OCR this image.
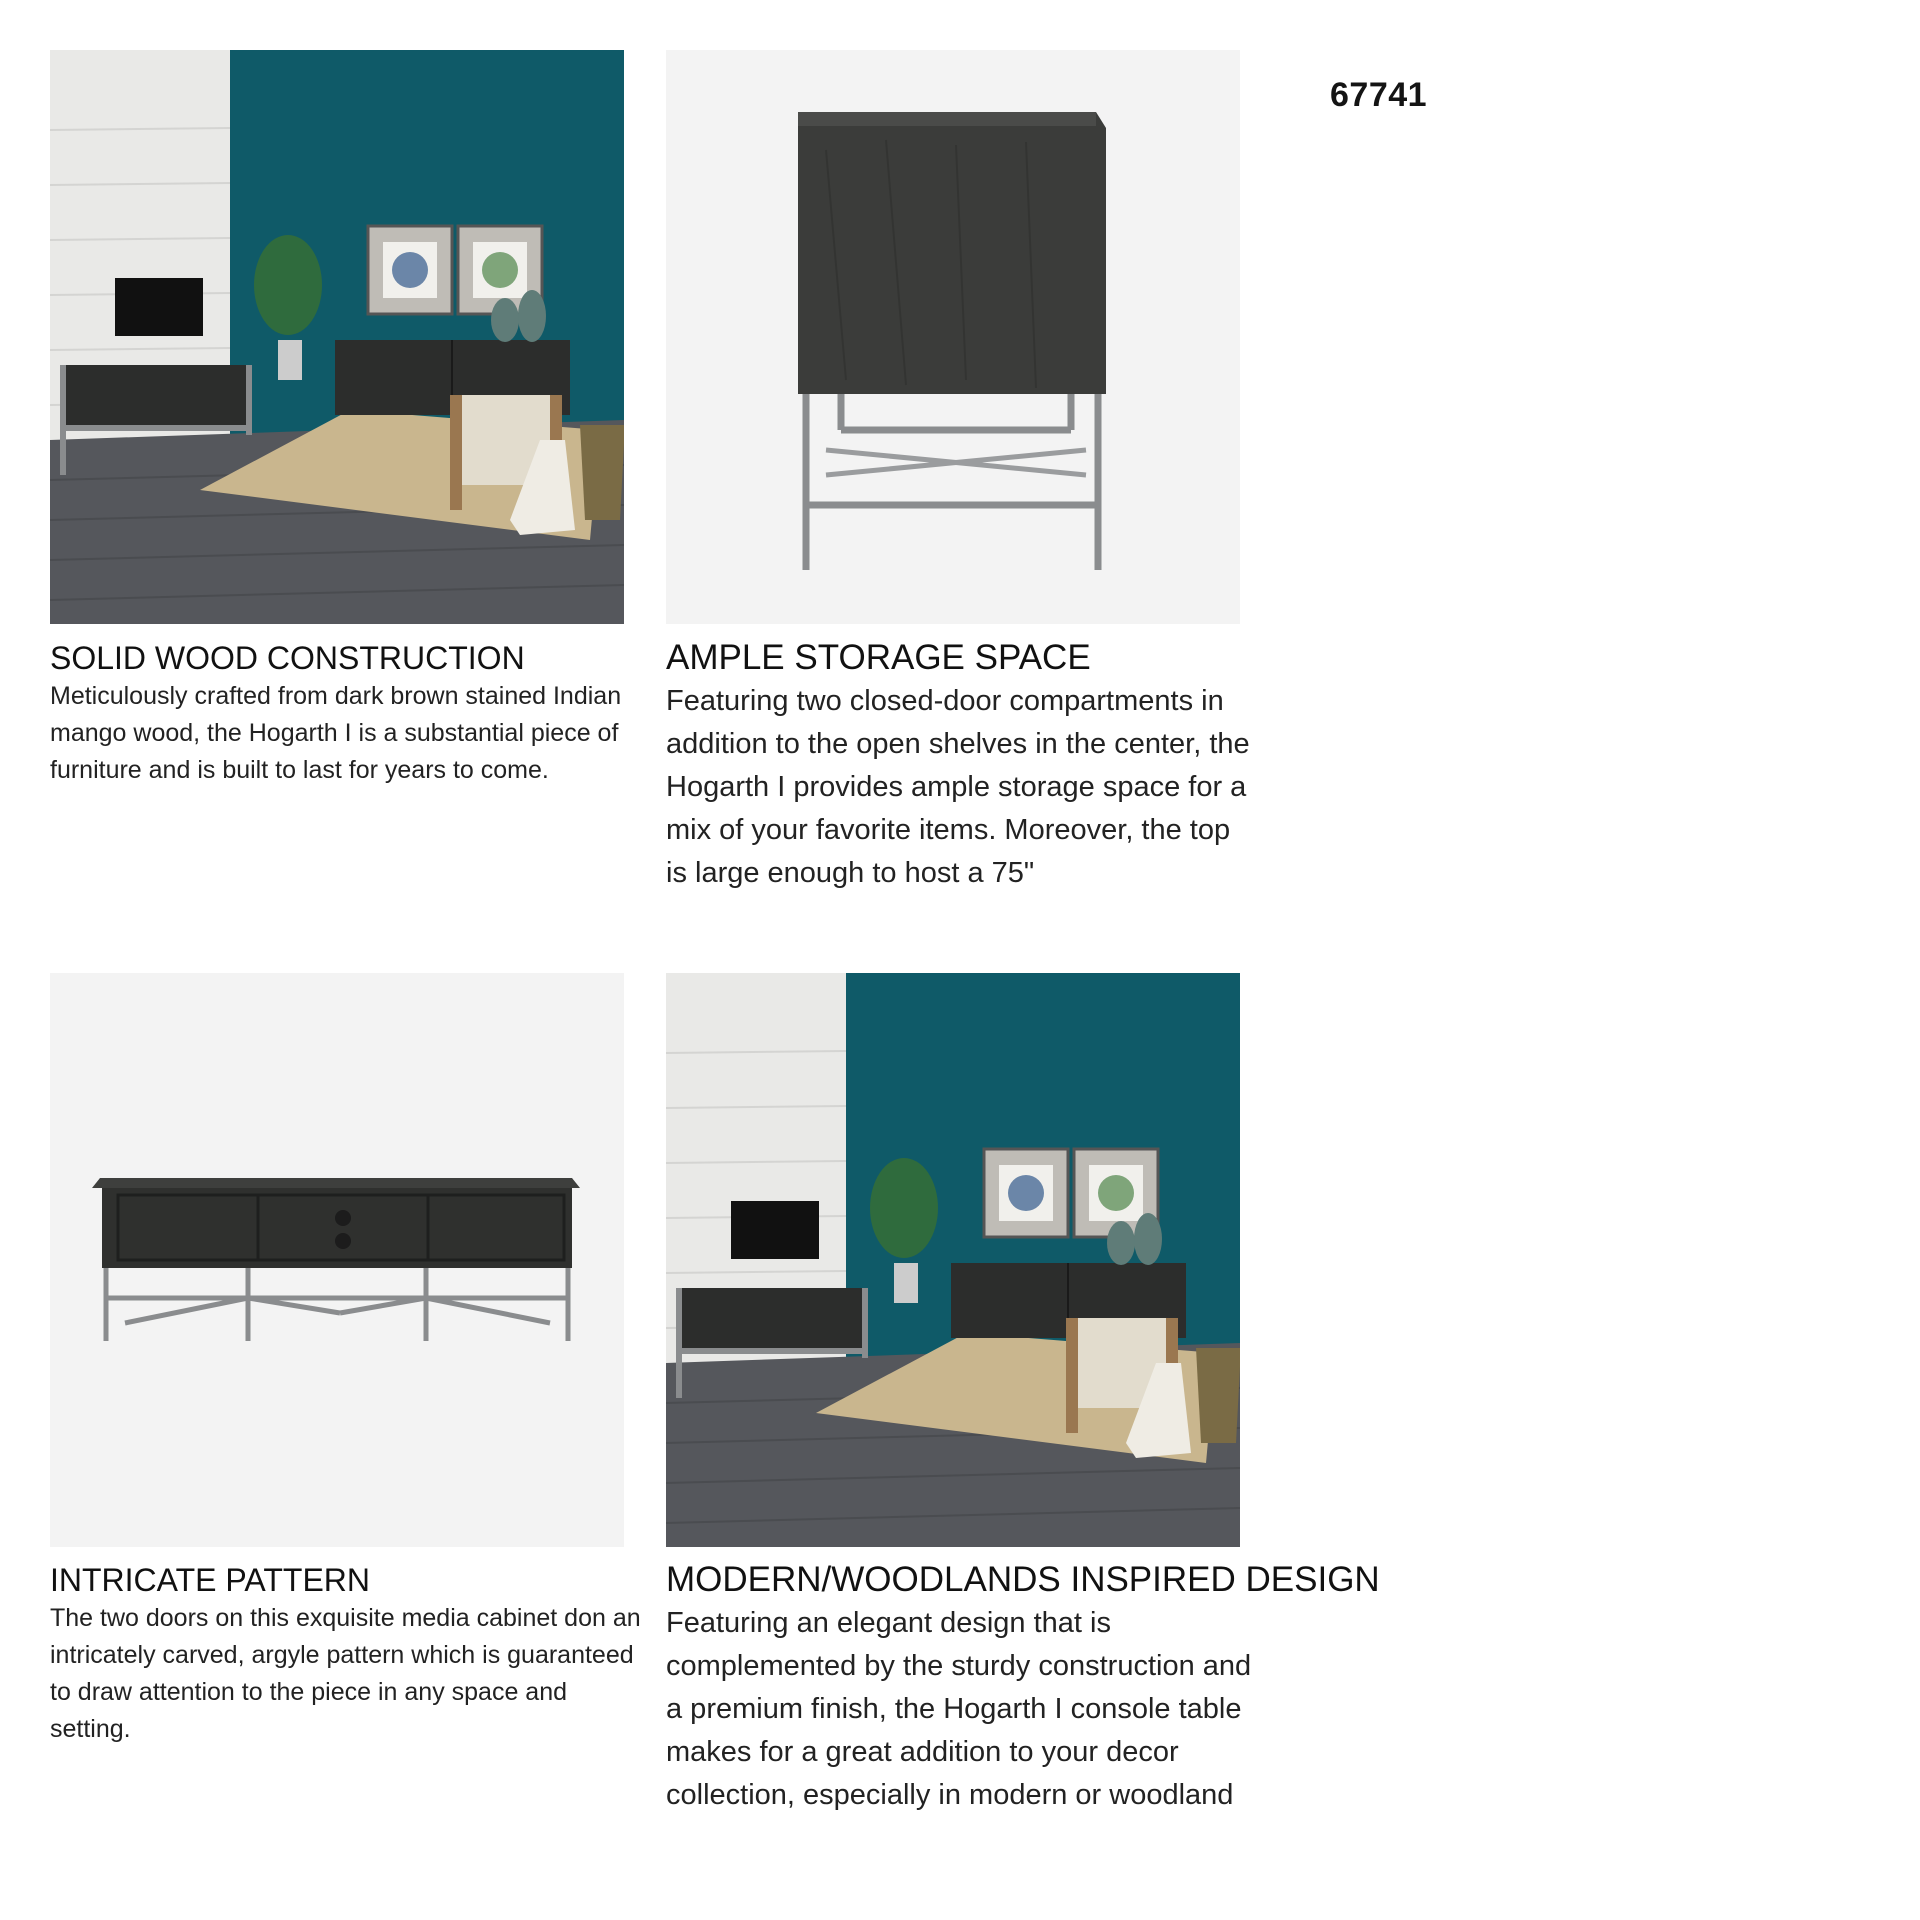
67741
SOLID WOOD CONSTRUCTION
Meticulously crafted from dark brown stained Indian mango wood, the Hogarth I is a substantial piece of furniture and is built to last for years to come.
AMPLE STORAGE SPACE
Featuring two closed-door compartments in addition to the open shelves in the center, the Hogarth I provides ample storage space for a mix of your favorite items. Moreover, the top is large enough to host a 75"
INTRICATE PATTERN
The two doors on this exquisite media cabinet don an intricately carved, argyle pattern which is guaranteed to draw attention to the piece in any space and setting.
MODERN/WOODLANDS INSPIRED DESIGN
Featuring an elegant design that is complemented by the sturdy construction and a premium finish, the Hogarth I console table makes for a great addition to your decor collection, especially in modern or woodland
